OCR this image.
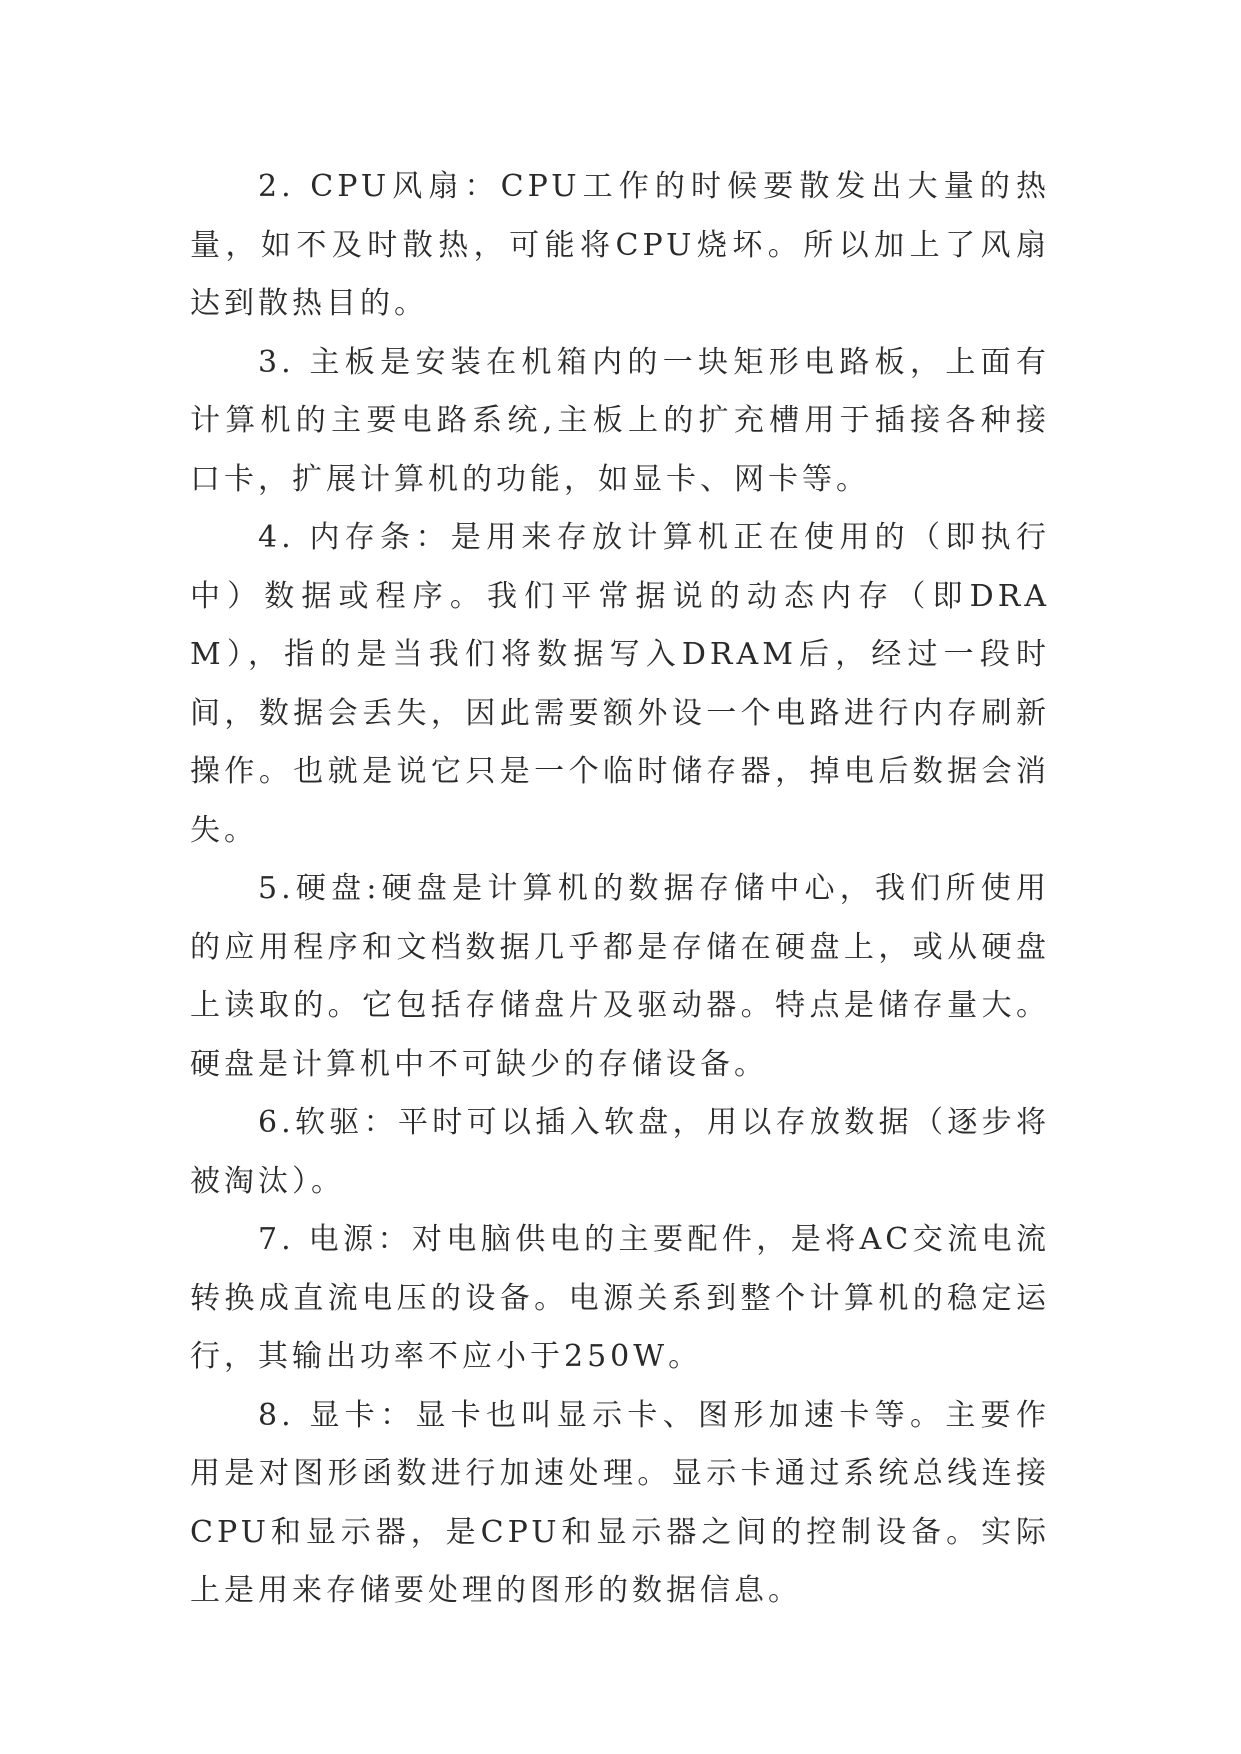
2. CPU风扇：CPU工作的时候要散发出大量的热量，如不及时散热，可能将CPU烧坏。所以加上了风扇达到散热目的。

3. 主板是安装在机箱内的一块矩形电路板，上面有计算机的主要电路系统,主板上的扩充槽用于插接各种接口卡，扩展计算机的功能，如显卡、网卡等。

4. 内存条：是用来存放计算机正在使用的（即执行中）数据或程序。我们平常据说的动态内存（即DRAM），指的是当我们将数据写入DRAM后，经过一段时间，数据会丢失，因此需要额外设一个电路进行内存刷新操作。也就是说它只是一个临时储存器，掉电后数据会消失。

5.硬盘:硬盘是计算机的数据存储中心，我们所使用的应用程序和文档数据几乎都是存储在硬盘上，或从硬盘上读取的。它包括存储盘片及驱动器。特点是储存量大。硬盘是计算机中不可缺少的存储设备。

6.软驱：平时可以插入软盘，用以存放数据（逐步将被淘汰）。

7. 电源：对电脑供电的主要配件，是将AC交流电流转换成直流电压的设备。电源关系到整个计算机的稳定运行，其输出功率不应小于250W。

8. 显卡：显卡也叫显示卡、图形加速卡等。主要作用是对图形函数进行加速处理。显示卡通过系统总线连接CPU和显示器，是CPU和显示器之间的控制设备。实际上是用来存储要处理的图形的数据信息。
